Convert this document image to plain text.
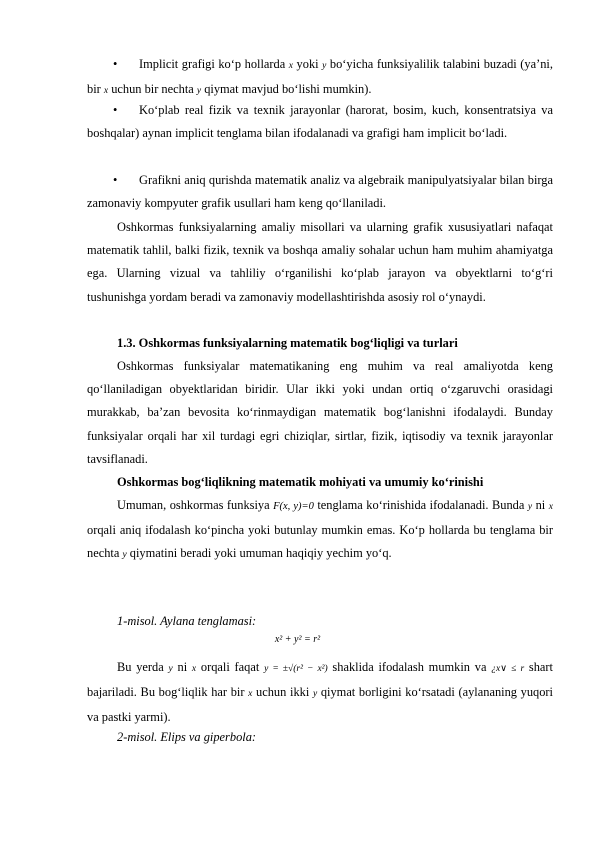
•	Implicit grafigi ko‘p hollarda x yoki y bo‘yicha funksiyalilik talabini buzadi (ya’ni, bir x uchun bir nechta y qiymat mavjud bo‘lishi mumkin).
•	Ko‘plab real fizik va texnik jarayonlar (harorat, bosim, kuch, konsentratsiya va boshqalar) aynan implicit tenglama bilan ifodalanadi va grafigi ham implicit bo‘ladi.
•	Grafikni aniq qurishda matematik analiz va algebraik manipulyatsiyalar bilan birga zamonaviy kompyuter grafik usullari ham keng qo‘llaniladi.
Oshkormas funksiyalarning amaliy misollari va ularning grafik xususiyatlari nafaqat matematik tahlil, balki fizik, texnik va boshqa amaliy sohalar uchun ham muhim ahamiyatga ega. Ularning vizual va tahliliy o‘rganilishi ko‘plab jarayon va obyektlarni to‘g‘ri tushunishga yordam beradi va zamonaviy modellashtirishda asosiy rol o‘ynaydi.
1.3. Oshkormas funksiyalarning matematik bog‘liqligi va turlari
Oshkormas funksiyalar matematikaning eng muhim va real amaliyotda keng qo‘llaniladigan obyektlaridan biridir. Ular ikki yoki undan ortiq o‘zgaruvchi orasidagi murakkab, ba’zan bevosita ko‘rinmaydigan matematik bog‘lanishni ifodalaydi. Bunday funksiyalar orqali har xil turdagi egri chiziqlar, sirtlar, fizik, iqtisodiy va texnik jarayonlar tavsiflanadi.
Oshkormas bog‘liqlikning matematik mohiyati va umumiy ko‘rinishi
Umuman, oshkormas funksiya F(x, y)=0 tenglama ko‘rinishida ifodalanadi. Bunda y ni x orqali aniq ifodalash ko‘pincha yoki butunlay mumkin emas. Ko‘p hollarda bu tenglama bir nechta y qiymatini beradi yoki umuman haqiqiy yechim yo‘q.
1-misol. Aylana tenglamasi:
x² + y² = r²
Bu yerda y ni x orqali faqat y = ±√(r² − x²) shaklida ifodalash mumkin va ¿x∨ ≤ r shart bajariladi. Bu bog‘liqlik har bir x uchun ikki y qiymat borligini ko‘rsatadi (aylananing yuqori va pastki yarmi).
2-misol. Elips va giperbola:
